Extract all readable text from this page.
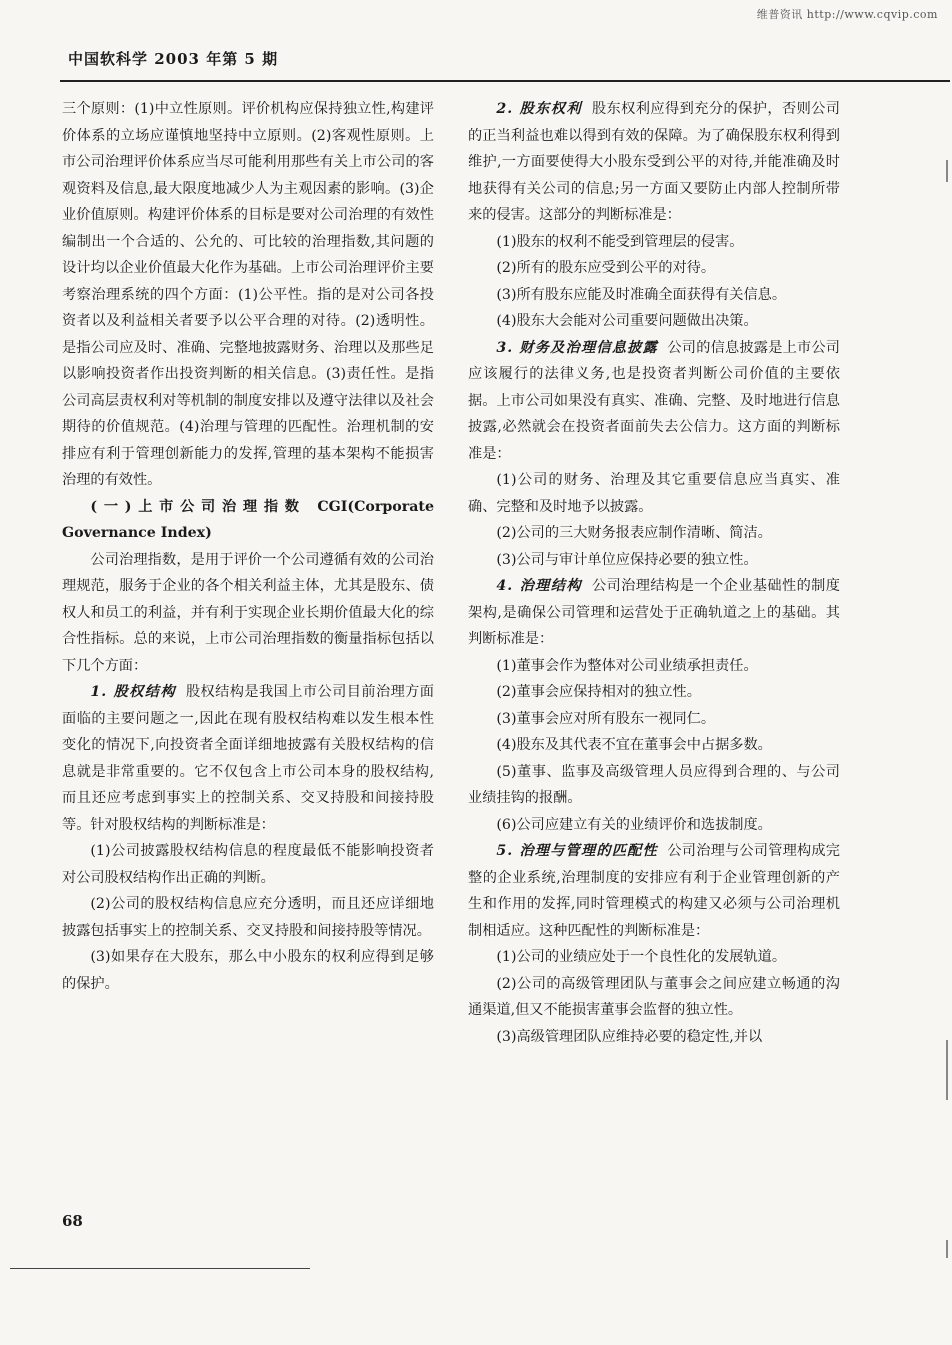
维普资讯 http://www.cqvip.com
中国软科学 2003 年第 5 期

三个原则：(1)中立性原则。评价机构应保持独立性,构建评价体系的立场应谨慎地坚持中立原则。(2)客观性原则。上市公司治理评价体系应当尽可能利用那些有关上市公司的客观资料及信息,最大限度地减少人为主观因素的影响。(3)企业价值原则。构建评价体系的目标是要对公司治理的有效性编制出一个合适的、公允的、可比较的治理指数,其问题的设计均以企业价值最大化作为基础。上市公司治理评价主要考察治理系统的四个方面：(1)公平性。指的是对公司各投资者以及利益相关者要予以公平合理的对待。(2)透明性。是指公司应及时、准确、完整地披露财务、治理以及那些足以影响投资者作出投资判断的相关信息。(3)责任性。是指公司高层责权利对等机制的制度安排以及遵守法律以及社会期待的价值规范。(4)治理与管理的匹配性。治理机制的安排应有利于管理创新能力的发挥,管理的基本架构不能损害治理的有效性。

(一)上市公司治理指数 CGI(Corporate Governance Index)

公司治理指数，是用于评价一个公司遵循有效的公司治理规范，服务于企业的各个相关利益主体，尤其是股东、债权人和员工的利益，并有利于实现企业长期价值最大化的综合性指标。总的来说，上市公司治理指数的衡量指标包括以下几个方面：

1. 股权结构 股权结构是我国上市公司目前治理方面面临的主要问题之一,因此在现有股权结构难以发生根本性变化的情况下,向投资者全面详细地披露有关股权结构的信息就是非常重要的。它不仅包含上市公司本身的股权结构,而且还应考虑到事实上的控制关系、交叉持股和间接持股等。针对股权结构的判断标准是：

(1)公司披露股权结构信息的程度最低不能影响投资者对公司股权结构作出正确的判断。

(2)公司的股权结构信息应充分透明，而且还应详细地披露包括事实上的控制关系、交叉持股和间接持股等情况。

(3)如果存在大股东，那么中小股东的权利应得到足够的保护。

2. 股东权利 股东权利应得到充分的保护，否则公司的正当利益也难以得到有效的保障。为了确保股东权利得到维护,一方面要使得大小股东受到公平的对待,并能准确及时地获得有关公司的信息;另一方面又要防止内部人控制所带来的侵害。这部分的判断标准是：

(1)股东的权利不能受到管理层的侵害。

(2)所有的股东应受到公平的对待。

(3)所有股东应能及时准确全面获得有关信息。

(4)股东大会能对公司重要问题做出决策。

3. 财务及治理信息披露 公司的信息披露是上市公司应该履行的法律义务,也是投资者判断公司价值的主要依据。上市公司如果没有真实、准确、完整、及时地进行信息披露,必然就会在投资者面前失去公信力。这方面的判断标准是：

(1)公司的财务、治理及其它重要信息应当真实、准确、完整和及时地予以披露。

(2)公司的三大财务报表应制作清晰、简洁。

(3)公司与审计单位应保持必要的独立性。

4. 治理结构 公司治理结构是一个企业基础性的制度架构,是确保公司管理和运营处于正确轨道之上的基础。其判断标准是：

(1)董事会作为整体对公司业绩承担责任。

(2)董事会应保持相对的独立性。

(3)董事会应对所有股东一视同仁。

(4)股东及其代表不宜在董事会中占据多数。

(5)董事、监事及高级管理人员应得到合理的、与公司业绩挂钩的报酬。

(6)公司应建立有关的业绩评价和选拔制度。

5. 治理与管理的匹配性 公司治理与公司管理构成完整的企业系统,治理制度的安排应有利于企业管理创新的产生和作用的发挥,同时管理模式的构建又必须与公司治理机制相适应。这种匹配性的判断标准是：

(1)公司的业绩应处于一个良性化的发展轨道。

(2)公司的高级管理团队与董事会之间应建立畅通的沟通渠道,但又不能损害董事会监督的独立性。

(3)高级管理团队应维持必要的稳定性,并以

68
